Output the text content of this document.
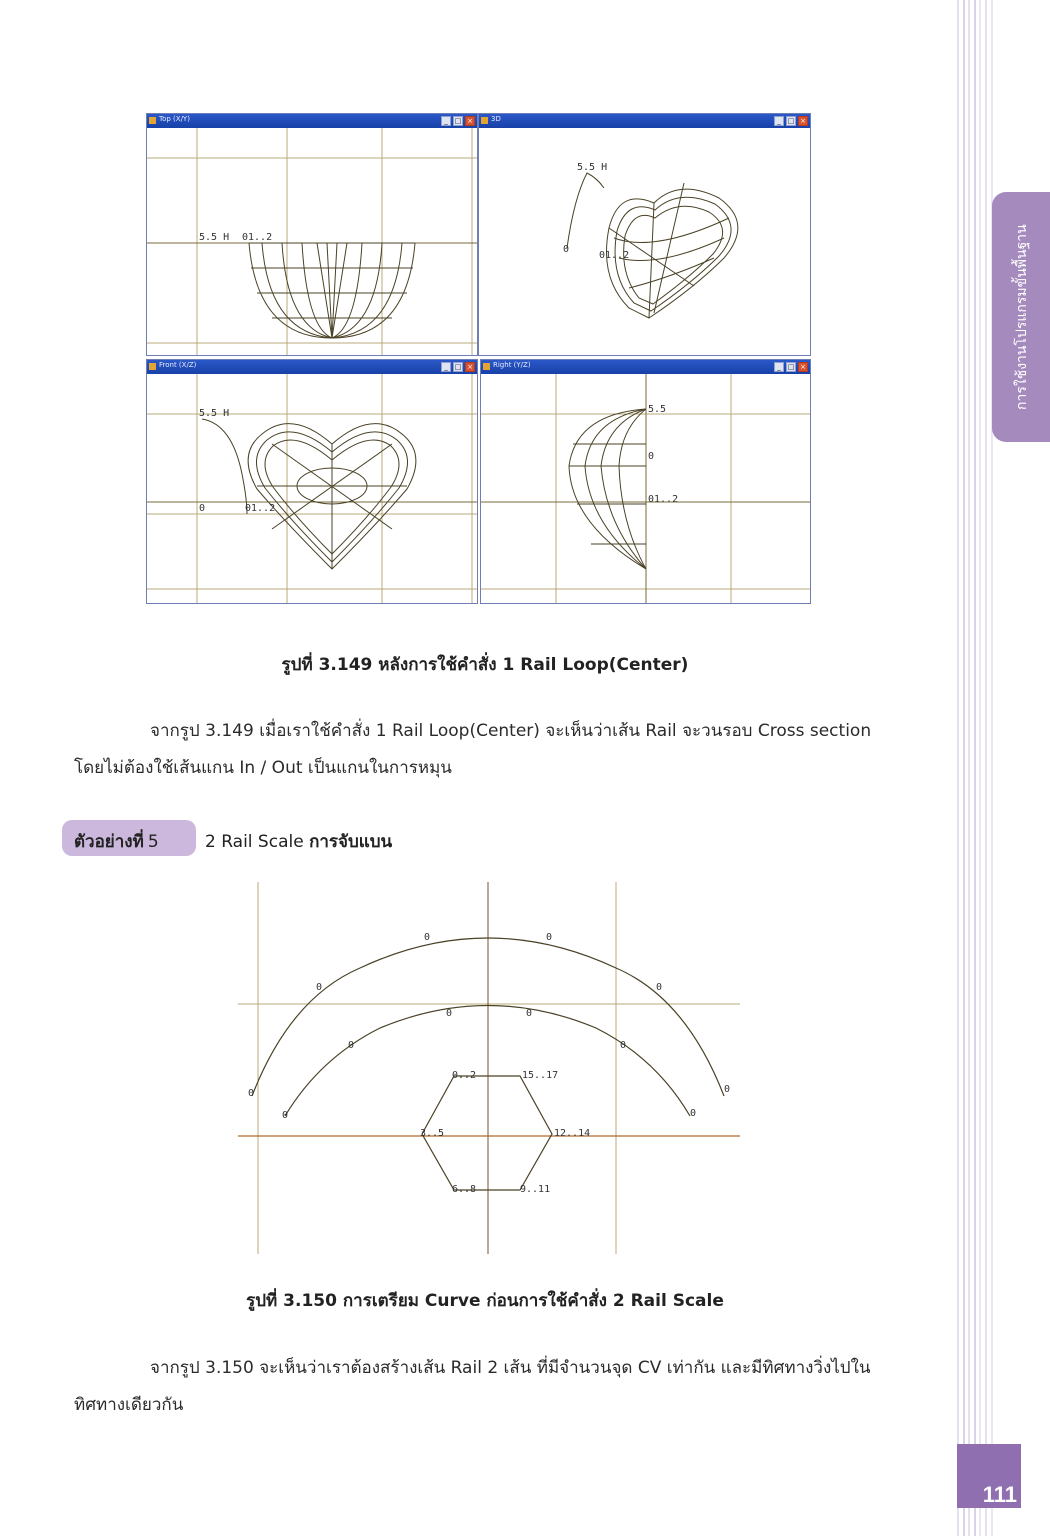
การใช้งานโปรแกรมขั้นพื้นฐาน
Top (X/Y)	_ □ ×
5.5 H 01..2
3D	_ □ ×
5.5 H
0
01..2
Front (X/Z)	_ □ ×
5.5 H
0	01..2
Right (Y/Z)	_ □ ×
5.5
0
01..2
รูปที่ 3.149 หลังการใช้คำสั่ง 1 Rail Loop(Center)
จากรูป 3.149 เมื่อเราใช้คำสั่ง 1 Rail Loop(Center) จะเห็นว่าเส้น Rail จะวนรอบ Cross section โดยไม่ต้องใช้เส้นแกน In / Out เป็นแกนในการหมุน
ตัวอย่างที่ 5	2 Rail Scale การจับแบน
0
0
0	0
0
0
0
0
0	0
0
0
0..2	15..17
12..14
9..11
6..8
3..5
รูปที่ 3.150 การเตรียม Curve ก่อนการใช้คำสั่ง 2 Rail Scale
จากรูป 3.150 จะเห็นว่าเราต้องสร้างเส้น Rail 2 เส้น ที่มีจำนวนจุด CV เท่ากัน และมีทิศทางวิ่งไปในทิศทางเดียวกัน
111
